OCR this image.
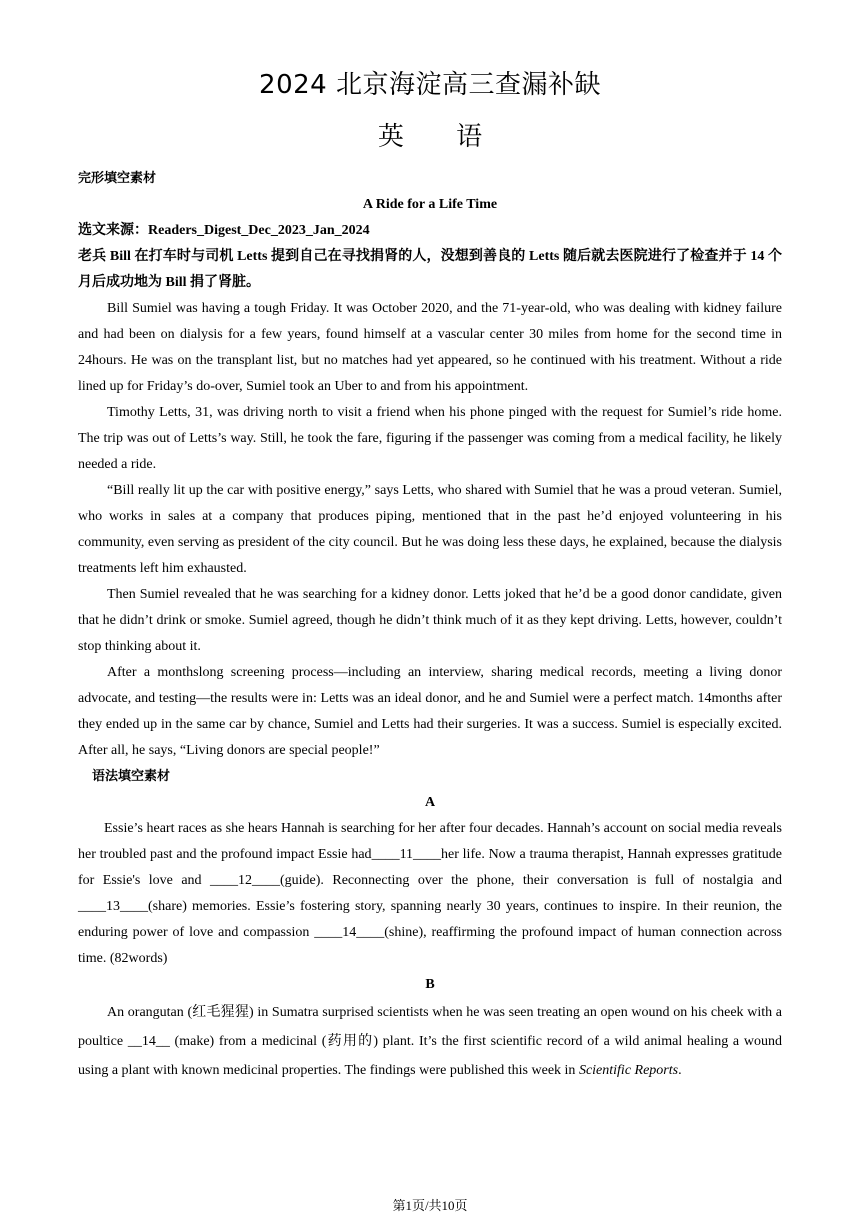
2024 北京海淀高三查漏补缺
英 语
完形填空素材
A Ride for a Life Time
选文来源：Readers_Digest_Dec_2023_Jan_2024
老兵 Bill 在打车时与司机 Letts 提到自己在寻找捐肾的人，没想到善良的 Letts 随后就去医院进行了检查并于 14 个月后成功地为 Bill 捐了肾脏。

Bill Sumiel was having a tough Friday. It was October 2020, and the 71-year-old, who was dealing with kidney failure and had been on dialysis for a few years, found himself at a vascular center 30 miles from home for the second time in 24hours. He was on the transplant list, but no matches had yet appeared, so he continued with his treatment. Without a ride lined up for Friday’s do-over, Sumiel took an Uber to and from his appointment.

Timothy Letts, 31, was driving north to visit a friend when his phone pinged with the request for Sumiel’s ride home. The trip was out of Letts’s way. Still, he took the fare, figuring if the passenger was coming from a medical facility, he likely needed a ride.

“Bill really lit up the car with positive energy,” says Letts, who shared with Sumiel that he was a proud veteran. Sumiel, who works in sales at a company that produces piping, mentioned that in the past he’d enjoyed volunteering in his community, even serving as president of the city council. But he was doing less these days, he explained, because the dialysis treatments left him exhausted.

Then Sumiel revealed that he was searching for a kidney donor. Letts joked that he’d be a good donor candidate, given that he didn’t drink or smoke. Sumiel agreed, though he didn’t think much of it as they kept driving. Letts, however, couldn’t stop thinking about it.

After a monthslong screening process—including an interview, sharing medical records, meeting a living donor advocate, and testing—the results were in: Letts was an ideal donor, and he and Sumiel were a perfect match. 14months after they ended up in the same car by chance, Sumiel and Letts had their surgeries. It was a success. Sumiel is especially excited. After all, he says, “Living donors are special people!”

语法填空素材
A

Essie’s heart races as she hears Hannah is searching for her after four decades. Hannah’s account on social media reveals her troubled past and the profound impact Essie had____11____her life. Now a trauma therapist, Hannah expresses gratitude for Essie's love and ____12____(guide). Reconnecting over the phone, their conversation is full of nostalgia and ____13____(share) memories. Essie’s fostering story, spanning nearly 30 years, continues to inspire. In their reunion, the enduring power of love and compassion ____14____(shine), reaffirming the profound impact of human connection across time. (82words)

B

An orangutan (红毛猩猩) in Sumatra surprised scientists when he was seen treating an open wound on his cheek with a poultice __14__ (make) from a medicinal (药用的) plant. It’s the first scientific record of a wild animal healing a wound using a plant with known medicinal properties. The findings were published this week in Scientific Reports.

第1页/共10页
